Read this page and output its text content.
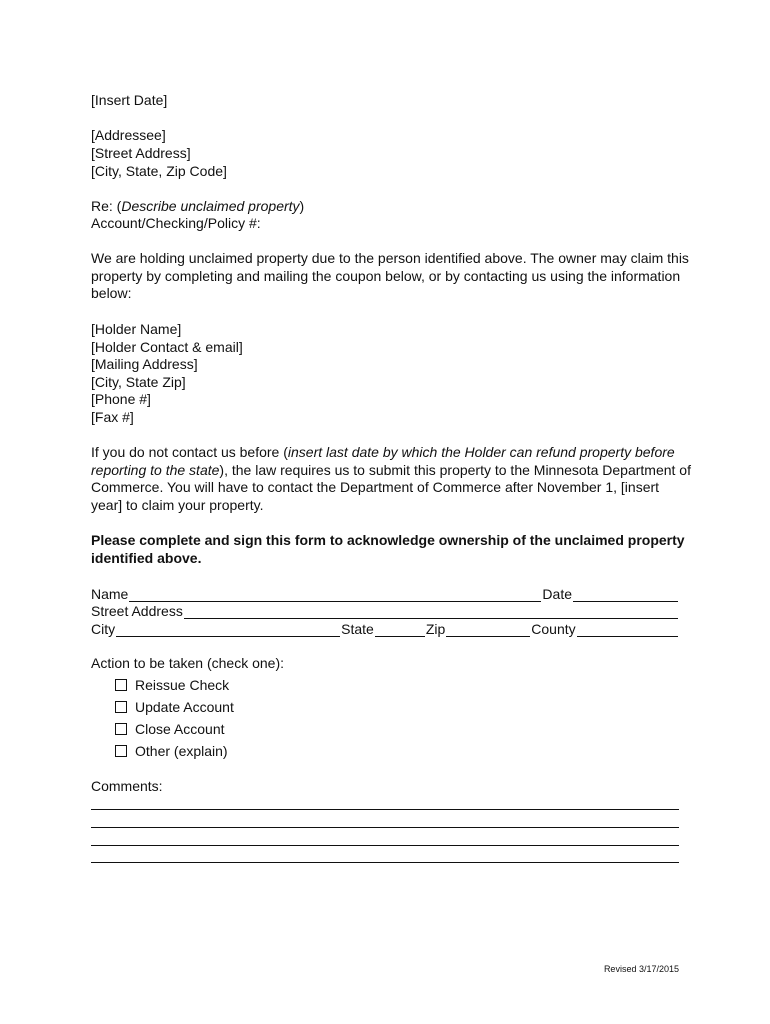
[Insert Date]
[Addressee]
[Street Address]
[City, State, Zip Code]
Re: (Describe unclaimed property)
Account/Checking/Policy #:

We are holding unclaimed property due to the person identified above. The owner may claim this property by completing and mailing the coupon below, or by contacting us using the information below:

[Holder Name]
[Holder Contact & email]
[Mailing Address]
[City, State Zip]
[Phone #]
[Fax #]

If you do not contact us before (insert last date by which the Holder can refund property before reporting to the state), the law requires us to submit this property to the Minnesota Department of Commerce. You will have to contact the Department of Commerce after November 1, [insert year] to claim your property.

Please complete and sign this form to acknowledge ownership of the unclaimed property identified above.

Name	Date
Street Address
City	State	Zip	County
Action to be taken (check one):
Reissue Check
Update Account
Close Account
Other (explain)
Comments:
Revised 3/17/2015
